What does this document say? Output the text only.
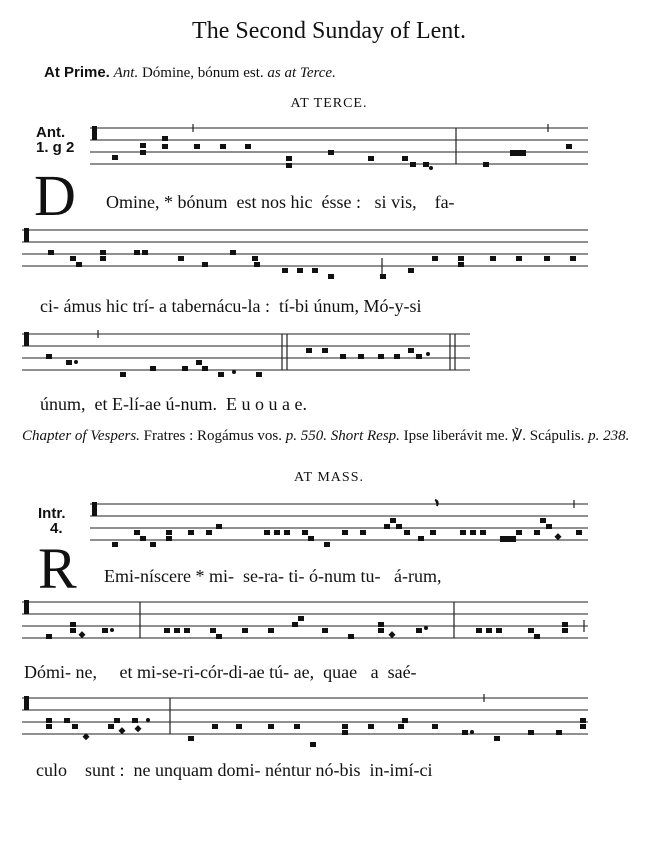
The Second Sunday of Lent.
At Prime. Ant. Dómine, bónum est. as at Terce.
AT TERCE.
Ant.
1. g 2
D Omine, * bónum est nos hic ésse : si vis, fa-
ci- ámus hic trí- a tabernácu-la : tí-bi únum, Mó-y-si
únum, et E-lí-ae ú-num. E u o u a e.
Chapter of Vespers. Fratres : Rogámus vos. p. 550. Short Resp. Ipse liberávit me. ℣. Scápulis. p. 238.
AT MASS.
Intr.
4.
R Emi-níscere * mi- se-ra- ti- ó-num tu- á-rum,
Dómi- ne, et mi-se-ri-cór-di-ae tú- ae, quae a saé-
culo sunt : ne unquam domi- néntur nó-bis in-imí-ci
